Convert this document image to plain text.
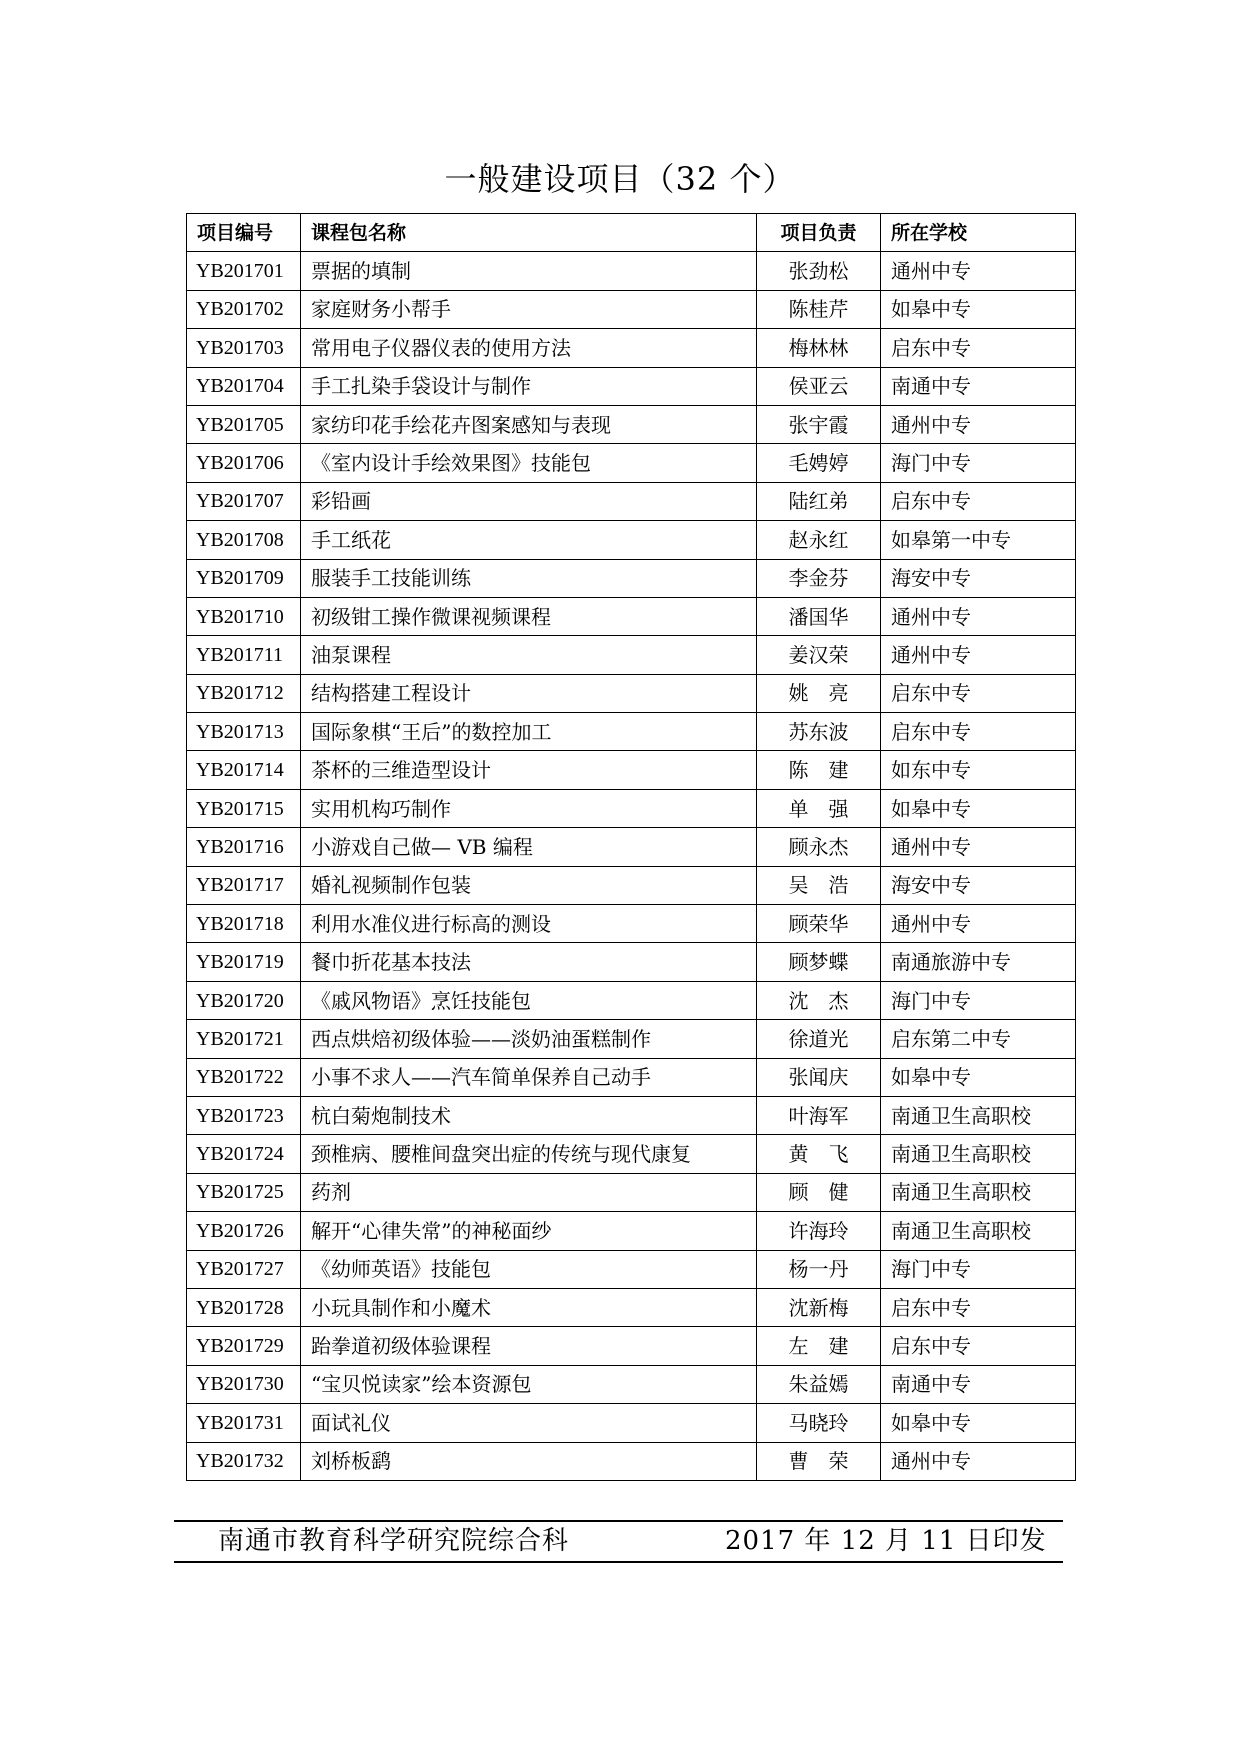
一般建设项目（32 个）
项目编号	课程包名称	项目负责	所在学校
YB201701	票据的填制	张劲松	通州中专
YB201702	家庭财务小帮手	陈桂芹	如皋中专
YB201703	常用电子仪器仪表的使用方法	梅林林	启东中专
YB201704	手工扎染手袋设计与制作	侯亚云	南通中专
YB201705	家纺印花手绘花卉图案感知与表现	张宇霞	通州中专
YB201706	《室内设计手绘效果图》技能包	毛娉婷	海门中专
YB201707	彩铅画	陆红弟	启东中专
YB201708	手工纸花	赵永红	如皋第一中专
YB201709	服装手工技能训练	李金芬	海安中专
YB201710	初级钳工操作微课视频课程	潘国华	通州中专
YB201711	油泵课程	姜汉荣	通州中专
YB201712	结构搭建工程设计	姚　亮	启东中专
YB201713	国际象棋“王后”的数控加工	苏东波	启东中专
YB201714	茶杯的三维造型设计	陈　建	如东中专
YB201715	实用机构巧制作	单　强	如皋中专
YB201716	小游戏自己做— VB 编程	顾永杰	通州中专
YB201717	婚礼视频制作包装	吴　浩	海安中专
YB201718	利用水准仪进行标高的测设	顾荣华	通州中专
YB201719	餐巾折花基本技法	顾梦蝶	南通旅游中专
YB201720	《戚风物语》烹饪技能包	沈　杰	海门中专
YB201721	西点烘焙初级体验——淡奶油蛋糕制作	徐道光	启东第二中专
YB201722	小事不求人——汽车简单保养自己动手	张闻庆	如皋中专
YB201723	杭白菊炮制技术	叶海军	南通卫生高职校
YB201724	颈椎病、腰椎间盘突出症的传统与现代康复	黄　飞	南通卫生高职校
YB201725	药剂	顾　健	南通卫生高职校
YB201726	解开“心律失常”的神秘面纱	许海玲	南通卫生高职校
YB201727	《幼师英语》技能包	杨一丹	海门中专
YB201728	小玩具制作和小魔术	沈新梅	启东中专
YB201729	跆拳道初级体验课程	左　建	启东中专
YB201730	“宝贝悦读家”绘本资源包	朱益嫣	南通中专
YB201731	面试礼仪	马晓玲	如皋中专
YB201732	刘桥板鹞	曹　荣	通州中专
南通市教育科学研究院综合科	2017 年 12 月 11 日印发
